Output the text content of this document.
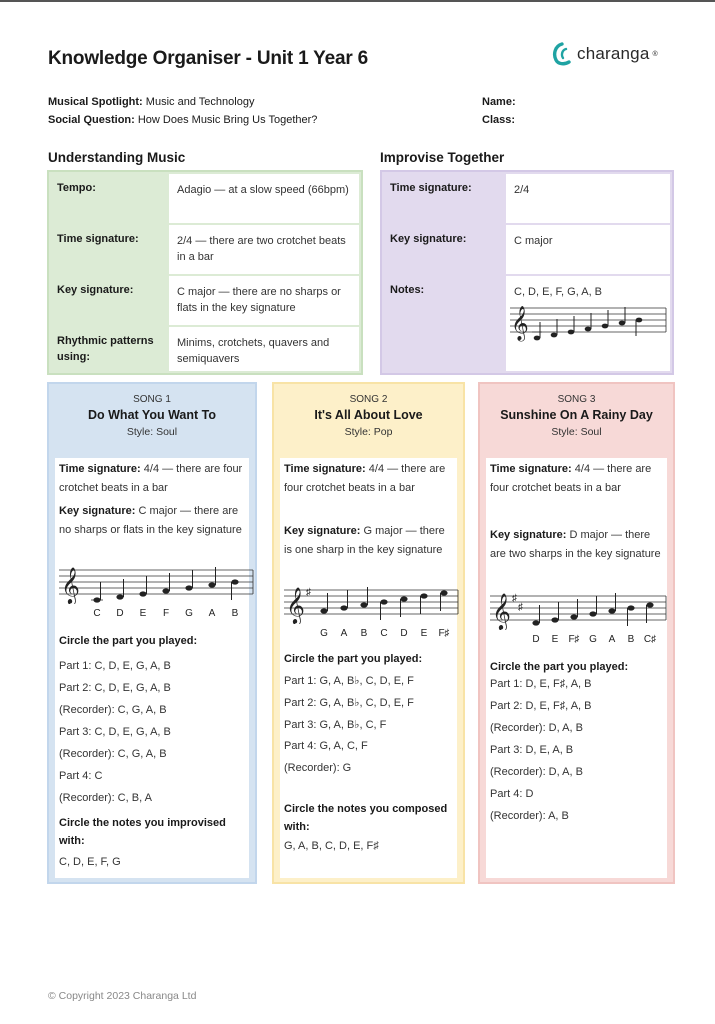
Knowledge Organiser - Unit 1 Year 6	charanga ®
Musical Spotlight: Music and Technology
Social Question: How Does Music Bring Us Together?
Name:
Class:
Understanding Music
Tempo:	Adagio — at a slow speed (66bpm)
Time signature:	2/4 — there are two crotchet beats in a bar
Key signature:	C major — there are no sharps or flats in the key signature
Rhythmic patterns using:
Minims, crotchets, quavers and semiquavers
Improvise Together
Time signature:	2/4
Key signature:	C major
Notes:	C, D, E, F, G, A, B
𝄞
SONG 1
Do What You Want To
Style: Soul
Time signature: 4/4 — there are four crotchet beats in a bar
Key signature: C major — there are no sharps or flats in the key signature
𝄞
C	D	E	F	G	A	B
Circle the part you played:
Part 1: C, D, E, G, A, B
Part 2: C, D, E, G, A, B
(Recorder): C, G, A, B
Part 3: C, D, E, G, A, B
(Recorder): C, G, A, B
Part 4: C
(Recorder): C, B, A
Circle the notes you improvised with:
C, D, E, F, G
SONG 2
It's All About Love
Style: Pop
Time signature: 4/4 — there are four crotchet beats in a bar
Key signature: G major — there is one sharp in the key signature
𝄞 ♯
G	A	B	C	D	E	F♯
Circle the part you played:
Part 1: G, A, B♭, C, D, E, F
Part 2: G, A, B♭, C, D, E, F
Part 3: G, A, B♭, C, F
Part 4: G, A, C, F
(Recorder): G
Circle the notes you composed with:
G, A, B, C, D, E, F♯
SONG 3
Sunshine On A Rainy Day
Style: Soul
Time signature: 4/4 — there are four crotchet beats in a bar
Key signature: D major — there are two sharps in the key signature
𝄞 ♯
♯
D	E	F♯ G	A	B C♯
Circle the part you played:
Part 1: D, E, F♯, A, B
Part 2: D, E, F♯, A, B
(Recorder): D, A, B
Part 3: D, E, A, B
(Recorder): D, A, B
Part 4: D
(Recorder): A, B
© Copyright 2023 Charanga Ltd
